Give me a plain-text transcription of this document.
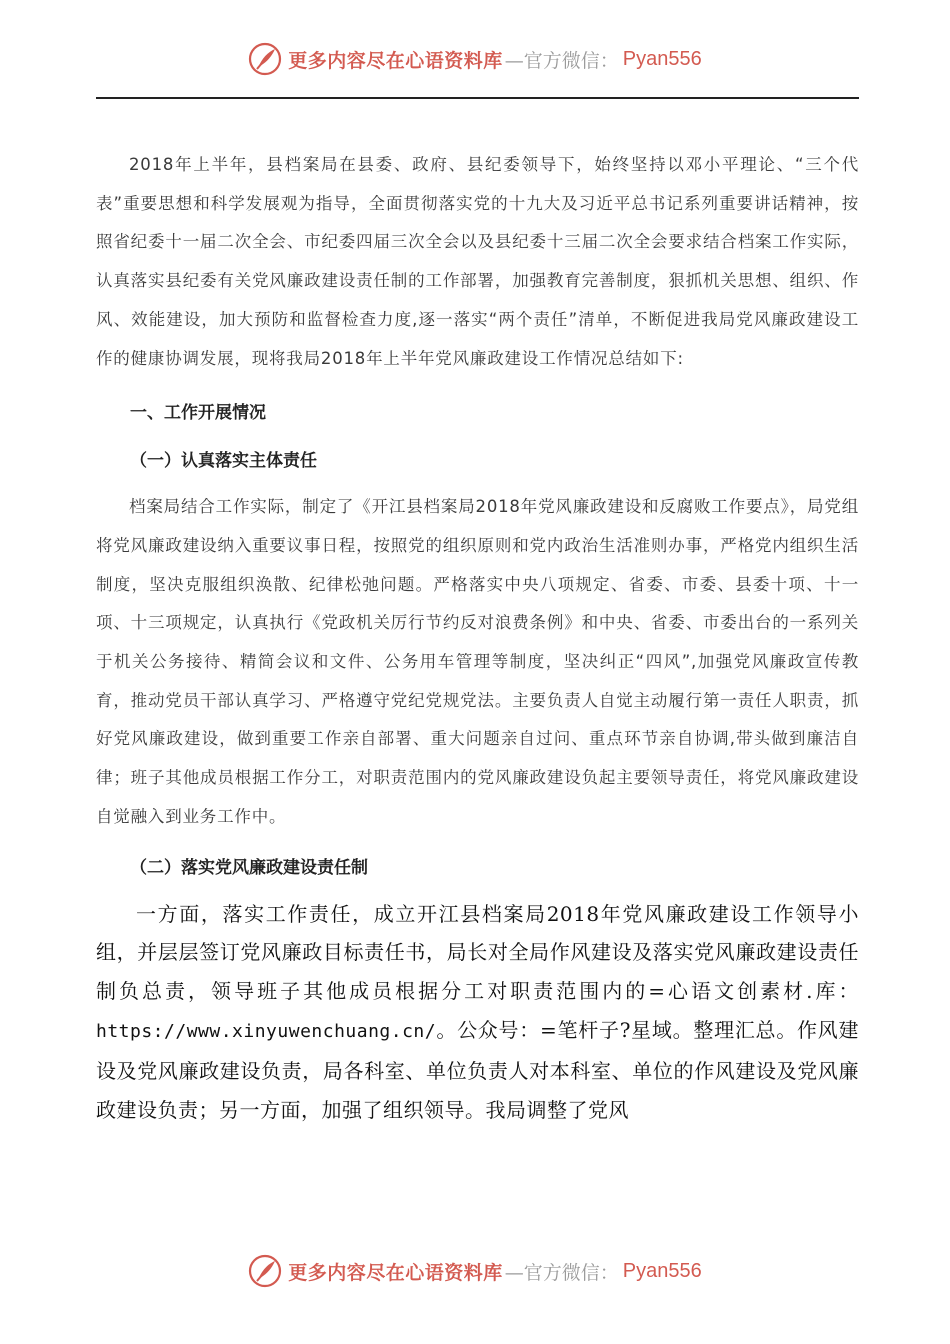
更多内容尽在心语资料库 —官方微信： Pyan556

2018年上半年，县档案局在县委、政府、县纪委领导下，始终坚持以邓小平理论、“三个代表”重要思想和科学发展观为指导，全面贯彻落实党的十九大及习近平总书记系列重要讲话精神，按照省纪委十一届二次全会、市纪委四届三次全会以及县纪委十三届二次全会要求结合档案工作实际，认真落实县纪委有关党风廉政建设责任制的工作部署，加强教育完善制度，狠抓机关思想、组织、作风、效能建设，加大预防和监督检查力度,逐一落实“两个责任”清单，不断促进我局党风廉政建设工作的健康协调发展，现将我局2018年上半年党风廉政建设工作情况总结如下:

一、工作开展情况
（一）认真落实主体责任

档案局结合工作实际，制定了《开江县档案局2018年党风廉政建设和反腐败工作要点》，局党组将党风廉政建设纳入重要议事日程，按照党的组织原则和党内政治生活准则办事，严格党内组织生活制度，坚决克服组织涣散、纪律松弛问题。严格落实中央八项规定、省委、市委、县委十项、十一项、十三项规定，认真执行《党政机关厉行节约反对浪费条例》和中央、省委、市委出台的一系列关于机关公务接待、精简会议和文件、公务用车管理等制度，坚决纠正“四风”,加强党风廉政宣传教育，推动党员干部认真学习、严格遵守党纪党规党法。主要负责人自觉主动履行第一责任人职责，抓好党风廉政建设，做到重要工作亲自部署、重大问题亲自过问、重点环节亲自协调,带头做到廉洁自律；班子其他成员根据工作分工，对职责范围内的党风廉政建设负起主要领导责任，将党风廉政建设自觉融入到业务工作中。

（二）落实党风廉政建设责任制

一方面，落实工作责任，成立开江县档案局2018年党风廉政建设工作领导小组，并层层签订党风廉政目标责任书，局长对全局作风建设及落实党风廉政建设责任制负总责，领导班子其他成员根据分工对职责范围内的=心语文创素材.库：https://www.xinyuwenchuang.cn/。公众号：=笔杆子?星域。整理汇总。作风建设及党风廉政建设负责，局各科室、单位负责人对本科室、单位的作风建设及党风廉政建设负责；另一方面，加强了组织领导。我局调整了党风

更多内容尽在心语资料库 —官方微信： Pyan556
